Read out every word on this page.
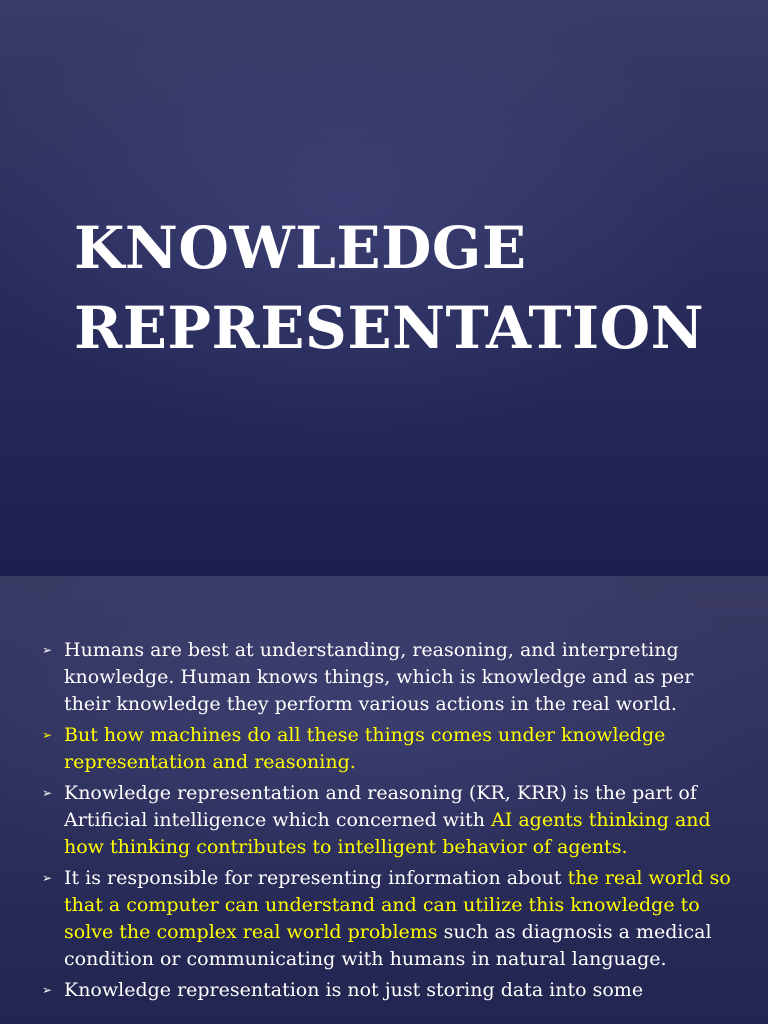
KNOWLEDGE
REPRESENTATION
➢ Humans are best at understanding, reasoning, and interpreting knowledge. Human knows things, which is knowledge and as per their knowledge they perform various actions in the real world.
➢ But how machines do all these things comes under knowledge representation and reasoning.
➢ Knowledge representation and reasoning (KR, KRR) is the part of Artificial intelligence which concerned with AI agents thinking and how thinking contributes to intelligent behavior of agents.
➢ It is responsible for representing information about the real world so that a computer can understand and can utilize this knowledge to solve the complex real world problems such as diagnosis a medical condition or communicating with humans in natural language.
➢ Knowledge representation is not just storing data into some
